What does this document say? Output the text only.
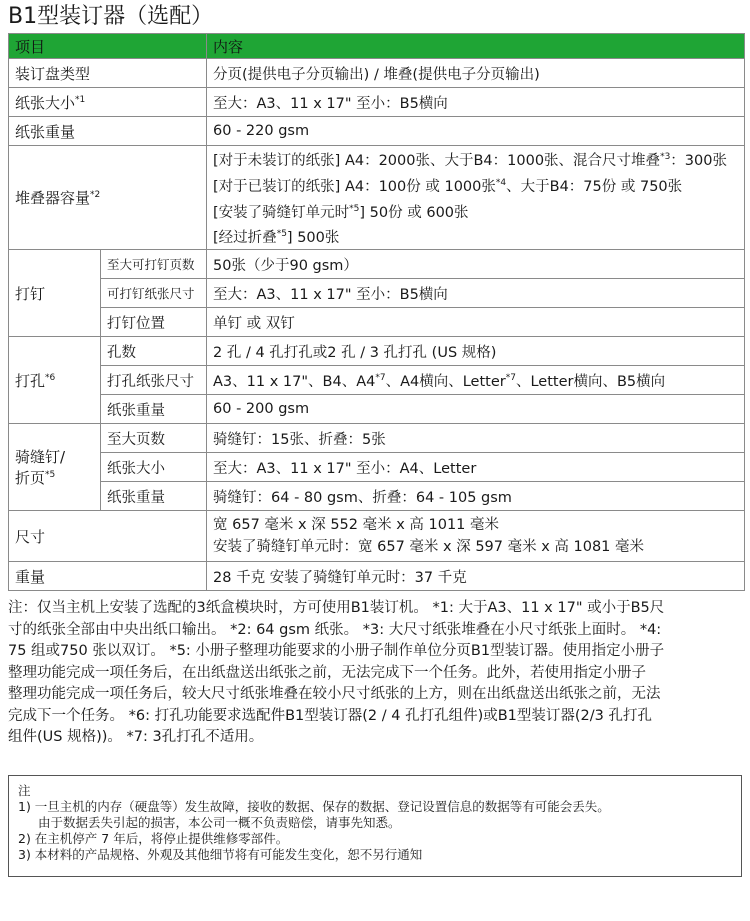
B1型装订器（选配）
项目		内容
装订盘类型		分页(提供电子分页输出) / 堆叠(提供电子分页输出)
纸张大小$^{*1}$		至大：A3、11 x 17" 至小：B5横向
纸张重量		60 - 220 gsm
堆叠器容量$^{*2}$		[对于未装订的纸张] A4：2000张、大于B4：1000张、混合尺寸堆叠$^{*3}$：300张
[对于已装订的纸张] A4：100份 或 1000张$^{*4}$、大于B4：75份 或 750张
[安装了骑缝钉单元时$^{*5}$] 50份 或 600张
[经过折叠$^{*5}$] 500张

打钉	至大可打钉页数	50张（少于90 gsm）
	可打钉纸张尺寸	至大：A3、11 x 17" 至小：B5横向
	打钉位置	单钉 或 双钉
打孔$^{*6}$	孔数	2 孔 / 4 孔打孔或2 孔 / 3 孔打孔 (US 规格)
	打孔纸张尺寸	A3、11 x 17"、B4、A4$^{*7}$、A4横向、Letter$^{*7}$、Letter横向、B5横向
	纸张重量	60 - 200 gsm
骑缝钉/
折页$^{*5}$	至大页数	骑缝钉：15张、折叠：5张
	纸张大小	至大：A3、11 x 17" 至小：A4、Letter
	纸张重量	骑缝钉：64 - 80 gsm、折叠：64 - 105 gsm
尺寸		宽 657 毫米 x 深 552 毫米 x 高 1011 毫米
安装了骑缝钉单元时：宽 657 毫米 x 深 597 毫米 x 高 1081 毫米

重量		28 千克 安装了骑缝钉单元时：37 千克
注：仅当主机上安装了选配的3纸盒模块时，方可使用B1装订机。 *1: 大于A3、11 x 17" 或小于B5尺
寸的纸张全部由中央出纸口输出。 *2: 64 gsm 纸张。 *3: 大尺寸纸张堆叠在小尺寸纸张上面时。 *4:
75 组或750 张以双订。 *5: 小册子整理功能要求的小册子制作单位分页B1型装订器。使用指定小册子
整理功能完成一项任务后，在出纸盘送出纸张之前，无法完成下一个任务。此外，若使用指定小册子
整理功能完成一项任务后，较大尺寸纸张堆叠在较小尺寸纸张的上方，则在出纸盘送出纸张之前，无法
完成下一个任务。 *6: 打孔功能要求选配件B1型装订器(2 / 4 孔打孔组件)或B1型装订器(2/3 孔打孔
组件(US 规格))。 *7: 3孔打孔不适用。
注
1) 一旦主机的内存（硬盘等）发生故障，接收的数据、保存的数据、登记设置信息的数据等有可能会丢失。
由于数据丢失引起的损害，本公司一概不负责赔偿，请事先知悉。
2) 在主机停产 7 年后，将停止提供维修零部件。
3) 本材料的产品规格、外观及其他细节将有可能发生变化，恕不另行通知
